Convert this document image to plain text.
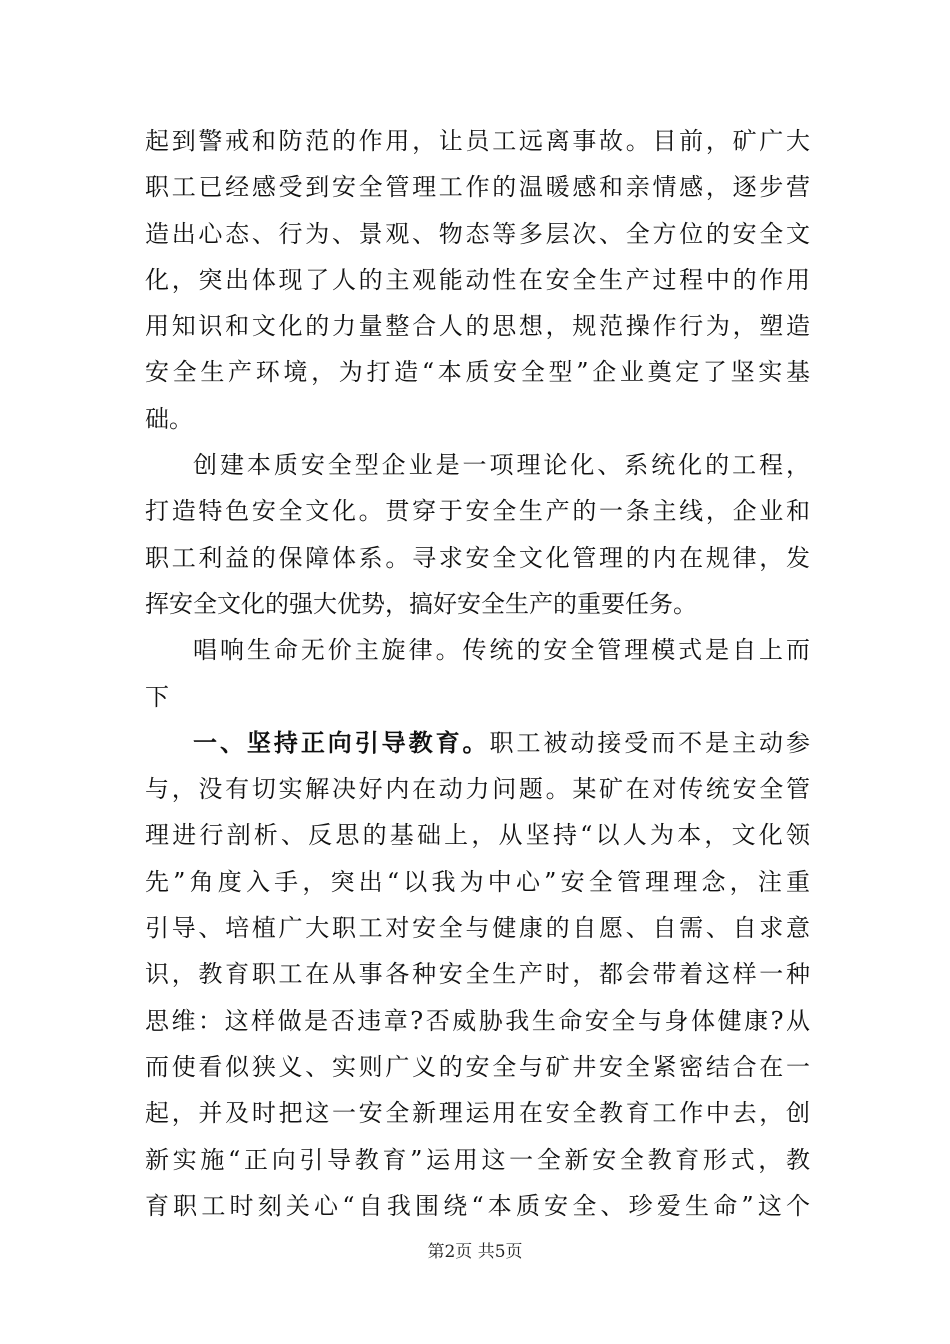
起到警戒和防范的作用，让员工远离事故。目前，矿广大
职工已经感受到安全管理工作的温暖感和亲情感，逐步营
造出心态、行为、景观、物态等多层次、全方位的安全文
化，突出体现了人的主观能动性在安全生产过程中的作用
用知识和文化的力量整合人的思想，规范操作行为，塑造
安全生产环境，为打造“本质安全型”企业奠定了坚实基
础。
创建本质安全型企业是一项理论化、系统化的工程，
打造特色安全文化。贯穿于安全生产的一条主线，企业和
职工利益的保障体系。寻求安全文化管理的内在规律，发
挥安全文化的强大优势，搞好安全生产的重要任务。
唱响生命无价主旋律。传统的安全管理模式是自上而
下
一、坚持正向引导教育。职工被动接受而不是主动参
与，没有切实解决好内在动力问题。某矿在对传统安全管
理进行剖析、反思的基础上，从坚持“以人为本，文化领
先”角度入手，突出“以我为中心”安全管理理念，注重
引导、培植广大职工对安全与健康的自愿、自需、自求意
识，教育职工在从事各种安全生产时，都会带着这样一种
思维：这样做是否违章?否威胁我生命安全与身体健康?从
而使看似狭义、实则广义的安全与矿井安全紧密结合在一
起，并及时把这一安全新理运用在安全教育工作中去，创
新实施“正向引导教育”运用这一全新安全教育形式，教
育职工时刻关心“自我围绕“本质安全、珍爱生命”这个
第2页 共5页
